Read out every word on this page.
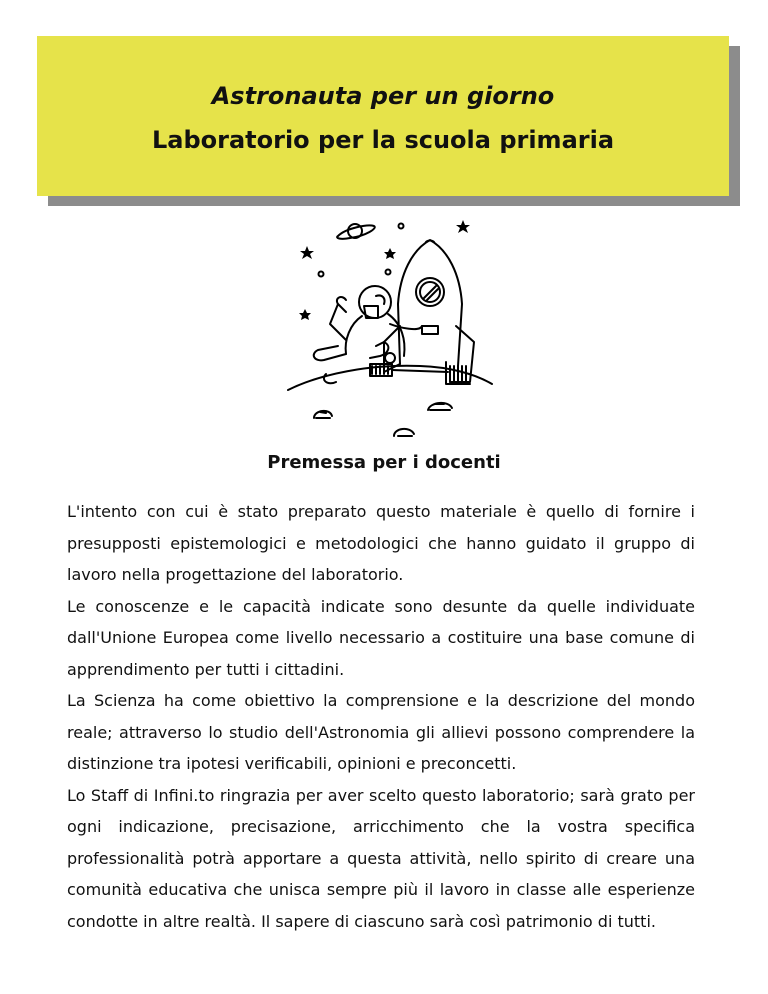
Astronauta per un giorno
Laboratorio per la scuola primaria
Premessa per i docenti

L'intento con cui è stato preparato questo materiale è quello di fornire i presupposti epistemologici e metodologici che hanno guidato il gruppo di lavoro nella progettazione del laboratorio.

Le conoscenze e le capacità indicate sono desunte da quelle individuate dall'Unione Europea come livello necessario a costituire una base comune di apprendimento per tutti i cittadini.

La Scienza ha come obiettivo la comprensione e la descrizione del mondo reale; attraverso lo studio dell'Astronomia gli allievi possono comprendere la distinzione tra ipotesi verificabili, opinioni e preconcetti.

Lo Staff di Infini.to ringrazia per aver scelto questo laboratorio; sarà grato per ogni indicazione, precisazione, arricchimento che la vostra specifica professionalità potrà apportare a questa attività, nello spirito di creare una comunità educativa che unisca sempre più il lavoro in classe alle esperienze condotte in altre realtà. Il sapere di ciascuno sarà così patrimonio di tutti.
